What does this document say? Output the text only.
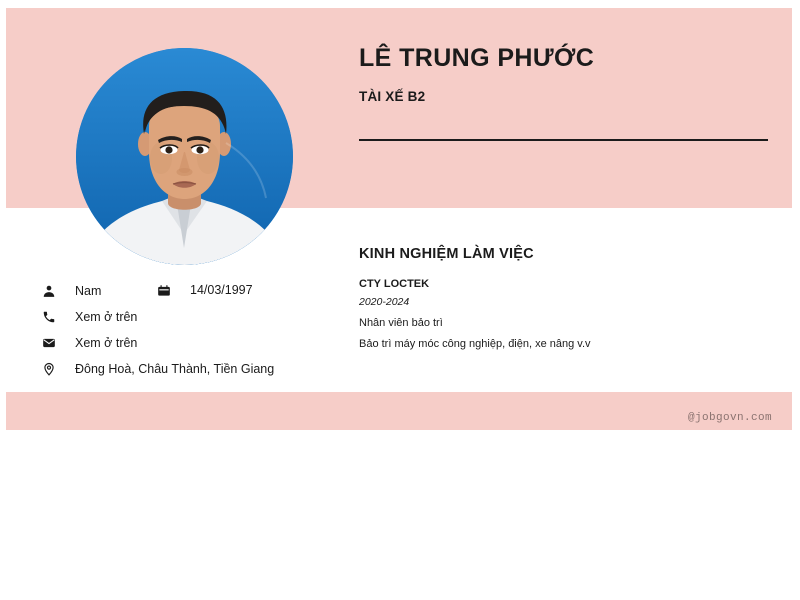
LÊ TRUNG PHƯỚC
TÀI XẾ B2
Nam	14/03/1997
Xem ở trên
Xem ở trên
Đông Hoà, Châu Thành, Tiền Giang
KINH NGHIỆM LÀM VIỆC
CTY LOCTEK
2020-2024
Nhân viên bảo trì
Bảo trì máy móc công nghiệp, điện, xe nâng v.v
@jobgovn.com
